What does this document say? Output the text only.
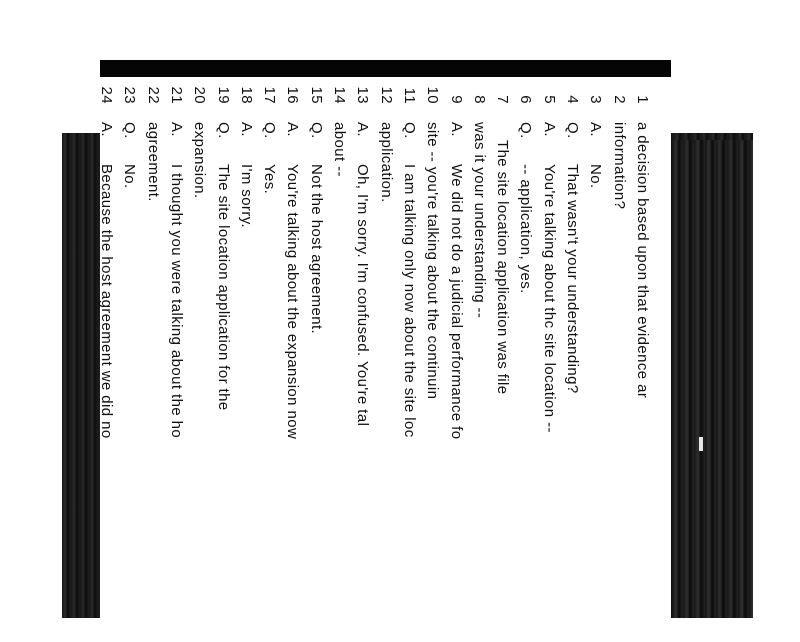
1
a decision based upon that evidence ar
2
information?
3
A.
No.
4
Q.
That wasn't your understanding?
5
A.
You're talking about thc site location --
6
Q.
-- application, yes.
7
The site location application was file
8
was it your understanding --
9
A.
We did not do a judicial performance fo
10
site -- you're talking about the continuin
11
Q.
I am talking only now about the site loc
12
application.
13
A.
Oh, I'm sorry. I'm confused. You're tal
14
about --
15
Q.
Not the host agreement.
16
A.
You're talking about the expansion now
17
Q.
Yes.
18
A.
I'm sorry.
19
Q.
The site location application for the
20
expansion.
21
A.
I thought you were talking about the ho
22
agreement.
23
Q.
No.
24
A.
Because the host agreement we did no
